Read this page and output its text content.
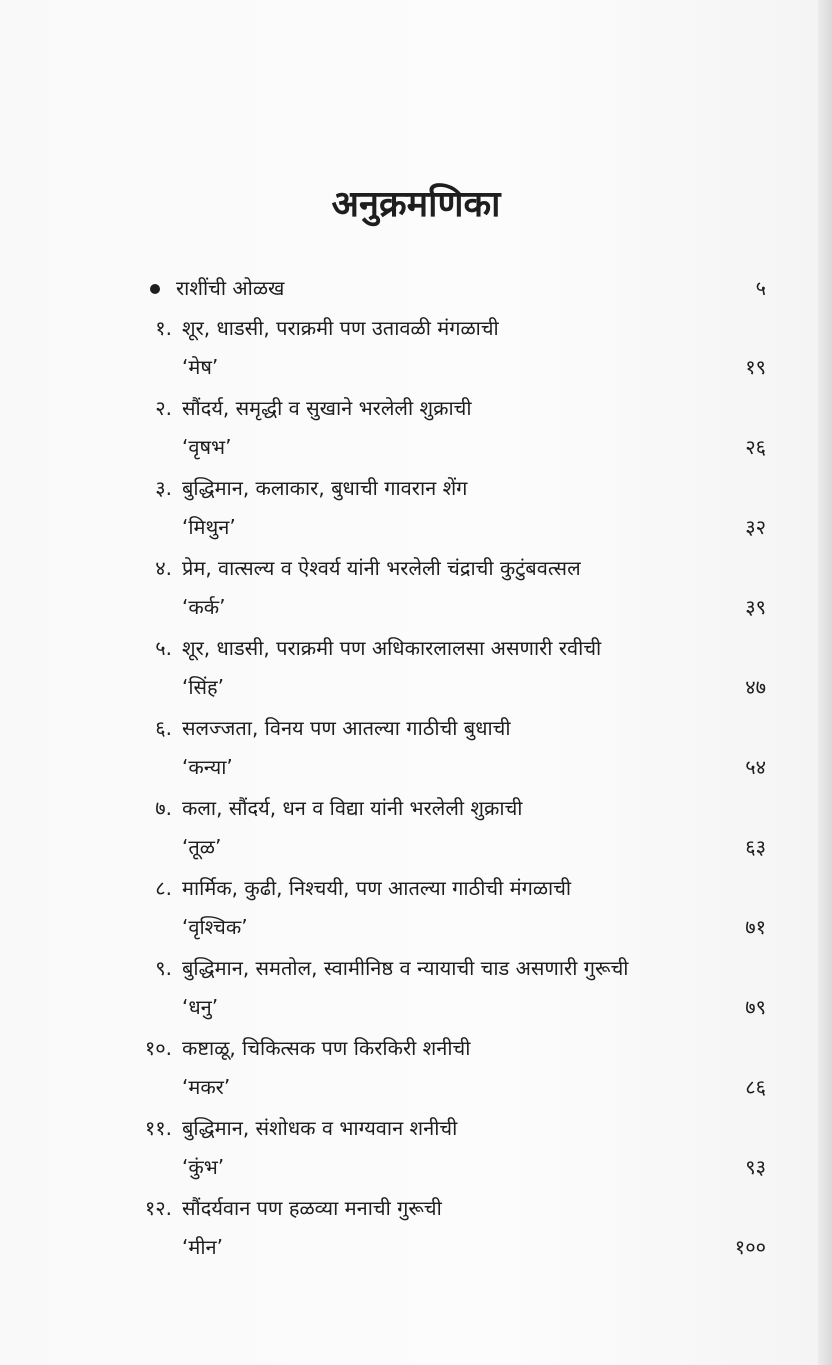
अनुक्रमणिका
राशींची ओळख	५
१. शूर, धाडसी, पराक्रमी पण उतावळी मंगळाची
‘मेष’	१९
२. सौंदर्य, समृद्धी व सुखाने भरलेली शुक्राची
‘वृषभ’	२६
३. बुद्धिमान, कलाकार, बुधाची गावरान शेंग
‘मिथुन’	३२
४. प्रेम, वात्सल्य व ऐश्वर्य यांनी भरलेली चंद्राची कुटुंबवत्सल
‘कर्क’	३९
५. शूर, धाडसी, पराक्रमी पण अधिकारलालसा असणारी रवीची
‘सिंह’	४७
६. सलज्जता, विनय पण आतल्या गाठीची बुधाची
‘कन्या’	५४
७. कला, सौंदर्य, धन व विद्या यांनी भरलेली शुक्राची
‘तूळ’	६३
८. मार्मिक, कुढी, निश्चयी, पण आतल्या गाठीची मंगळाची
‘वृश्चिक’	७१
९. बुद्धिमान, समतोल, स्वामीनिष्ठ व न्यायाची चाड असणारी गुरूची
‘धनु’	७९
१०. कष्टाळू, चिकित्सक पण किरकिरी शनीची
‘मकर’	८६
११. बुद्धिमान, संशोधक व भाग्यवान शनीची
‘कुंभ’	९३
१२. सौंदर्यवान पण हळव्या मनाची गुरूची
‘मीन’	१००
